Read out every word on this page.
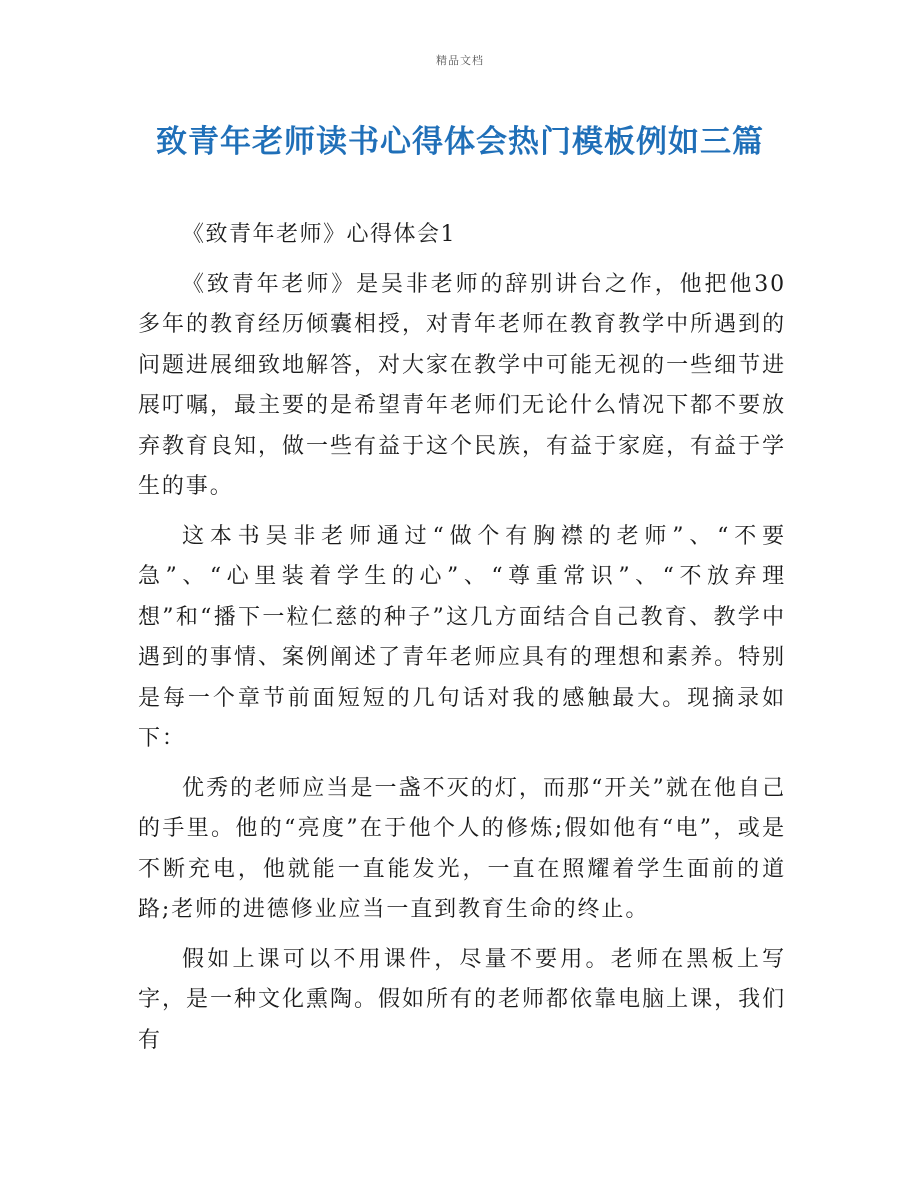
精品文档
致青年老师读书心得体会热门模板例如三篇

《致青年老师》心得体会1

《致青年老师》是吴非老师的辞别讲台之作，他把他30多年的教育经历倾囊相授，对青年老师在教育教学中所遇到的问题进展细致地解答，对大家在教学中可能无视的一些细节进展叮嘱，最主要的是希望青年老师们无论什么情况下都不要放弃教育良知，做一些有益于这个民族，有益于家庭，有益于学生的事。

这本书吴非老师通过“做个有胸襟的老师”、“不要急”、“心里装着学生的心”、“尊重常识”、“不放弃理想”和“播下一粒仁慈的种子”这几方面结合自己教育、教学中遇到的事情、案例阐述了青年老师应具有的理想和素养。特别是每一个章节前面短短的几句话对我的感触最大。现摘录如下：

优秀的老师应当是一盏不灭的灯，而那“开关”就在他自己的手里。他的“亮度”在于他个人的修炼;假如他有“电”，或是不断充电，他就能一直能发光，一直在照耀着学生面前的道路;老师的进德修业应当一直到教育生命的终止。

假如上课可以不用课件，尽量不要用。老师在黑板上写字，是一种文化熏陶。假如所有的老师都依靠电脑上课，我们有
